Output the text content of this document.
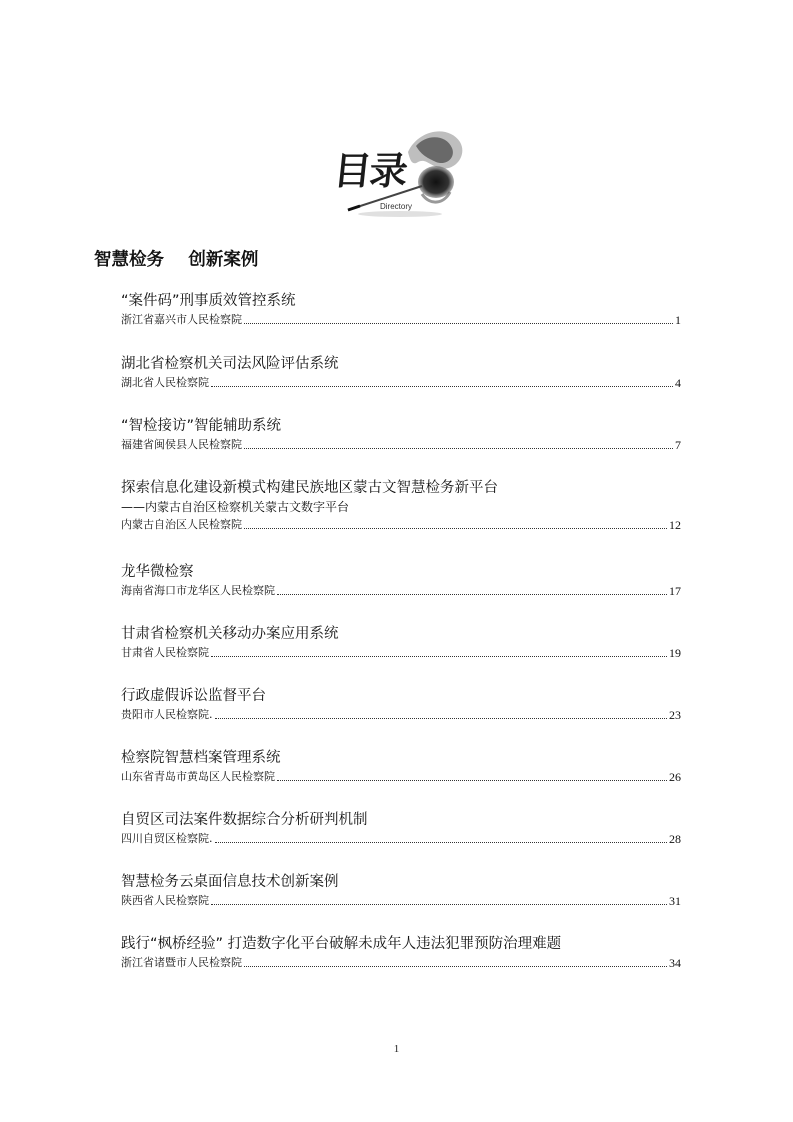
目录
Directory
智慧检务    创新案例
“案件码”刑事质效管控系统
浙江省嘉兴市人民检察院	1
湖北省检察机关司法风险评估系统
湖北省人民检察院	4
“智检接访”智能辅助系统
福建省闽侯县人民检察院	7
探索信息化建设新模式构建民族地区蒙古文智慧检务新平台
——内蒙古自治区检察机关蒙古文数字平台
内蒙古自治区人民检察院	12
龙华微检察
海南省海口市龙华区人民检察院	17
甘肃省检察机关移动办案应用系统
甘肃省人民检察院	19
行政虚假诉讼监督平台
贵阳市人民检察院.	23
检察院智慧档案管理系统
山东省青岛市黄岛区人民检察院	26
自贸区司法案件数据综合分析研判机制
四川自贸区检察院.	28
智慧检务云桌面信息技术创新案例
陕西省人民检察院	31
践行“枫桥经验” 打造数字化平台破解未成年人违法犯罪预防治理难题
浙江省诸暨市人民检察院	34
1
